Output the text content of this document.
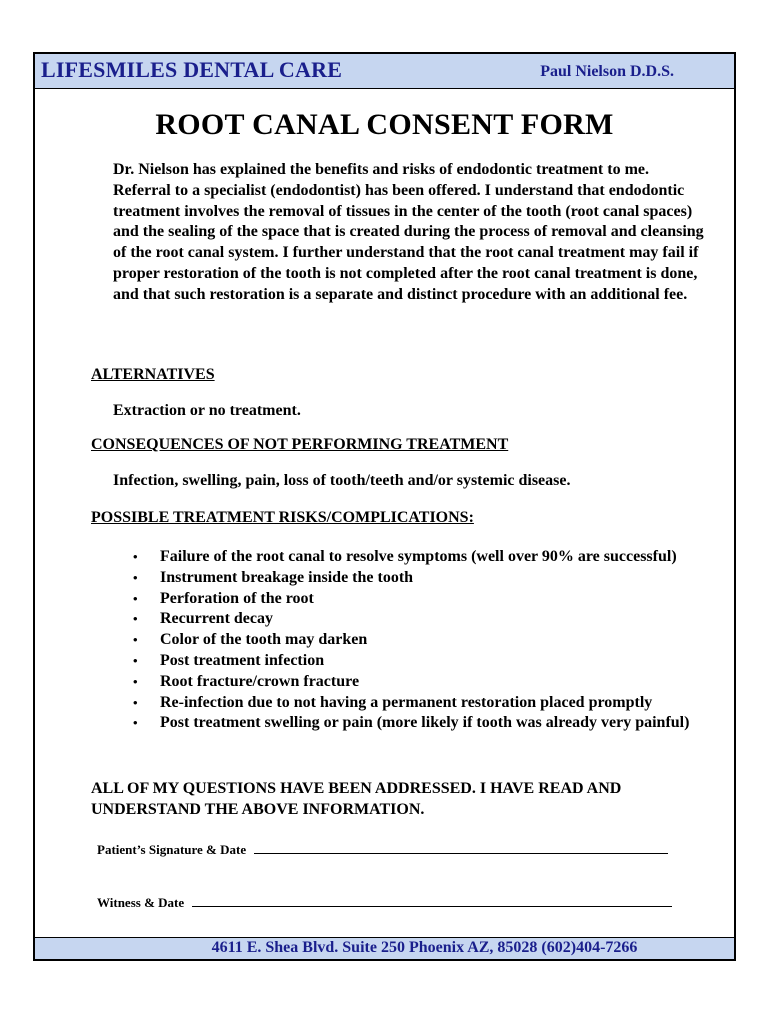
LIFESMILES DENTAL CARE	Paul Nielson D.D.S.
ROOT CANAL CONSENT FORM
Dr. Nielson has explained the benefits and risks of endodontic treatment to me. Referral to a specialist (endodontist) has been offered. I understand that endodontic treatment involves the removal of tissues in the center of the tooth (root canal spaces) and the sealing of the space that is created during the process of removal and cleansing of the root canal system. I further understand that the root canal treatment may fail if proper restoration of the tooth is not completed after the root canal treatment is done, and that such restoration is a separate and distinct procedure with an additional fee.
ALTERNATIVES
Extraction or no treatment.
CONSEQUENCES OF NOT PERFORMING TREATMENT
Infection, swelling, pain, loss of tooth/teeth and/or systemic disease.
POSSIBLE TREATMENT RISKS/COMPLICATIONS:
• Failure of the root canal to resolve symptoms (well over 90% are successful)
• Instrument breakage inside the tooth
• Perforation of the root
• Recurrent decay
• Color of the tooth may darken
• Post treatment infection
• Root fracture/crown fracture
• Re-infection due to not having a permanent restoration placed promptly
• Post treatment swelling or pain (more likely if tooth was already very painful)
ALL OF MY QUESTIONS HAVE BEEN ADDRESSED. I HAVE READ AND UNDERSTAND THE ABOVE INFORMATION.
Patient’s Signature & Date
Witness & Date
4611 E. Shea Blvd. Suite 250 Phoenix AZ, 85028 (602)404-7266
